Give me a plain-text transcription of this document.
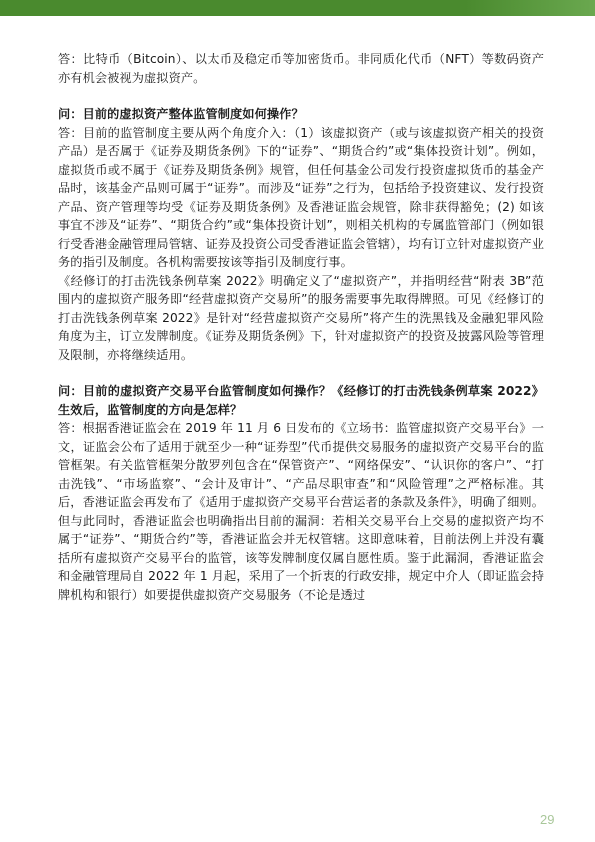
答：比特币（Bitcoin）、以太币及稳定币等加密货币。非同质化代币（NFT）等数码资产亦有机会被视为虚拟资产。

问：目前的虚拟资产整体监管制度如何操作？

答：目前的监管制度主要从两个角度介入：（1）该虚拟资产（或与该虚拟资产相关的投资产品）是否属于《证券及期货条例》下的“证券”、“期货合约”或“集体投资计划”。例如，虚拟货币或不属于《证券及期货条例》规管，但任何基金公司发行投资虚拟货币的基金产品时，该基金产品则可属于“证券”。而涉及“证券”之行为，包括给予投资建议、发行投资产品、资产管理等均受《证券及期货条例》及香港证监会规管，除非获得豁免；(2) 如该事宜不涉及“证券”、“期货合约”或“集体投资计划”，则相关机构的专属监管部门（例如银行受香港金融管理局管辖、证券及投资公司受香港证监会管辖），均有订立针对虚拟资产业务的指引及制度。各机构需要按该等指引及制度行事。

《经修订的打击洗钱条例草案 2022》明确定义了“虚拟资产”，并指明经营“附表 3B”范围内的虚拟资产服务即“经营虚拟资产交易所”的服务需要事先取得牌照。可见《经修订的打击洗钱条例草案 2022》是针对“经营虚拟资产交易所”将产生的洗黑钱及金融犯罪风险角度为主，订立发牌制度。《证券及期货条例》下，针对虚拟资产的投资及披露风险等管理及限制，亦将继续适用。

问：目前的虚拟资产交易平台监管制度如何操作？《经修订的打击洗钱条例草案 2022》生效后，监管制度的方向是怎样？

答：根据香港证监会在 2019 年 11 月 6 日发布的《立场书：监管虚拟资产交易平台》一文，证监会公布了适用于就至少一种“证券型”代币提供交易服务的虚拟资产交易平台的监管框架。有关监管框架分散罗列包含在“保管资产”、“网络保安”、“认识你的客户”、“打击洗钱”、“市场监察”、“会计及审计”、“产品尽职审查”和“风险管理”之严格标准。其后，香港证监会再发布了《适用于虚拟资产交易平台营运者的条款及条件》，明确了细则。但与此同时，香港证监会也明确指出目前的漏洞：若相关交易平台上交易的虚拟资产均不属于“证券”、“期货合约”等，香港证监会并无权管辖。这即意味着，目前法例上并没有囊括所有虚拟资产交易平台的监管，该等发牌制度仅属自愿性质。鉴于此漏洞，香港证监会和金融管理局自 2022 年 1 月起，采用了一个折衷的行政安排，规定中介人（即证监会持牌机构和银行）如要提供虚拟资产交易服务（不论是透过

29
